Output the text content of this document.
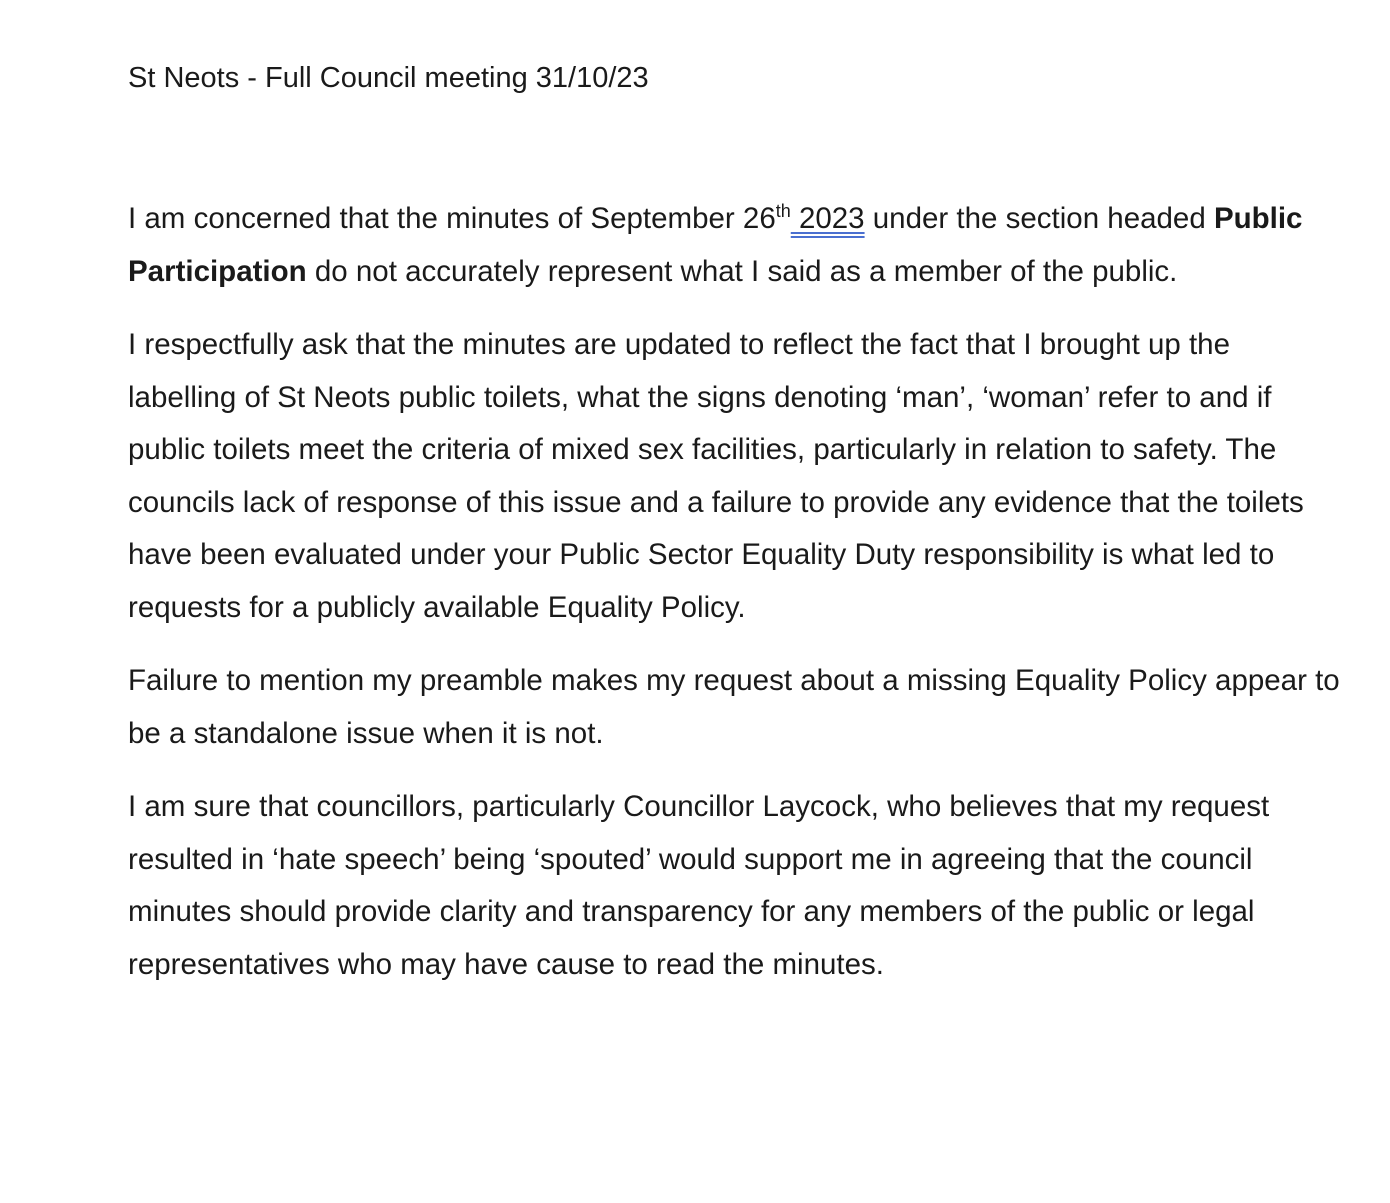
St Neots - Full Council meeting 31/10/23

I am concerned that the minutes of September 26th 2023 under the section headed Public Participation do not accurately represent what I said as a member of the public.

I respectfully ask that the minutes are updated to reflect the fact that I brought up the labelling of St Neots public toilets, what the signs denoting ‘man’, ‘woman’ refer to and if public toilets meet the criteria of mixed sex facilities, particularly in relation to safety. The councils lack of response of this issue and a failure to provide any evidence that the toilets have been evaluated under your Public Sector Equality Duty responsibility is what led to requests for a publicly available Equality Policy.

Failure to mention my preamble makes my request about a missing Equality Policy appear to be a standalone issue when it is not.

I am sure that councillors, particularly Councillor Laycock, who believes that my request resulted in ‘hate speech’ being ‘spouted’ would support me in agreeing that the council minutes should provide clarity and transparency for any members of the public or legal representatives who may have cause to read the minutes.
